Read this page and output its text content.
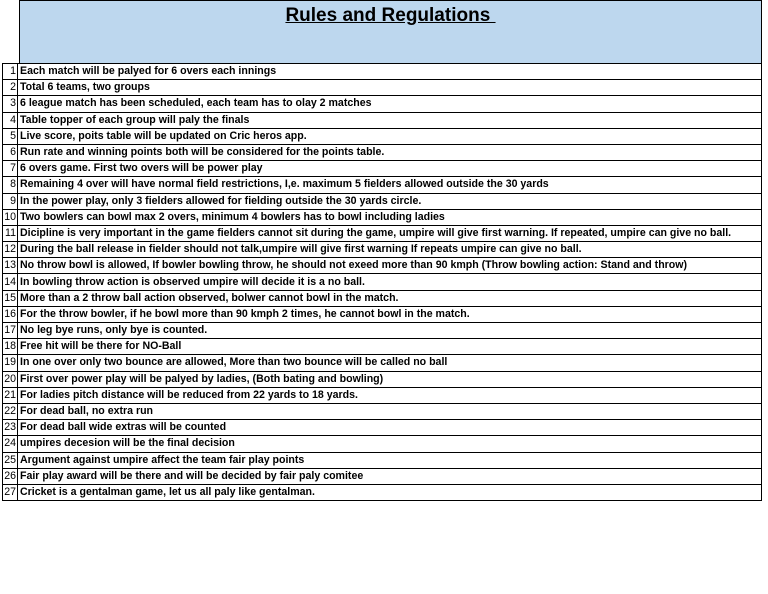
Rules and Regulations
1	Each match will be palyed for 6 overs each innings
2	Total 6 teams, two groups
3	6 league match has been scheduled, each team has to olay 2 matches
4	Table topper of each group will paly the finals
5	Live score, poits table will be updated on Cric heros app.
6	Run rate and winning points both will be considered for the points table.
7	6 overs game. First two overs will be power play
8	Remaining 4 over will have normal field restrictions, I,e. maximum 5 fielders allowed outside the 30 yards
9	In the power play, only 3 fielders allowed for fielding outside the 30 yards circle.
10	Two bowlers can bowl max 2 overs, minimum 4 bowlers has to bowl including ladies
11	Dicipline is very important in the game fielders cannot sit during the game, umpire will give first warning. If repeated, umpire can give no ball.
12	During the ball release in fielder should not talk,umpire will give first warning If repeats umpire can give no ball.
13	No throw bowl is allowed, If bowler bowling throw, he should not exeed more than 90 kmph (Throw bowling action: Stand and throw)
14	In bowling throw action is observed umpire will decide it is a no ball.
15	More than a 2 throw ball action observed, bolwer cannot bowl in the match.
16	For the throw bowler, if he bowl more than 90 kmph 2 times, he cannot bowl in the match.
17	No leg bye runs, only bye is counted.
18	Free hit will be there for NO-Ball
19	In one over only two bounce are allowed, More than two bounce will be called no ball
20	First over power play will be palyed by ladies, (Both bating and bowling)
21	For ladies pitch distance will be reduced from 22 yards to 18 yards.
22	For dead ball, no extra run
23	For dead ball wide extras will be counted
24	umpires decesion will be the final decision
25	Argument against umpire affect the team fair play points
26	Fair play award will be there and will be decided by fair paly comitee
27	Cricket is a gentalman game, let us all paly like gentalman.
